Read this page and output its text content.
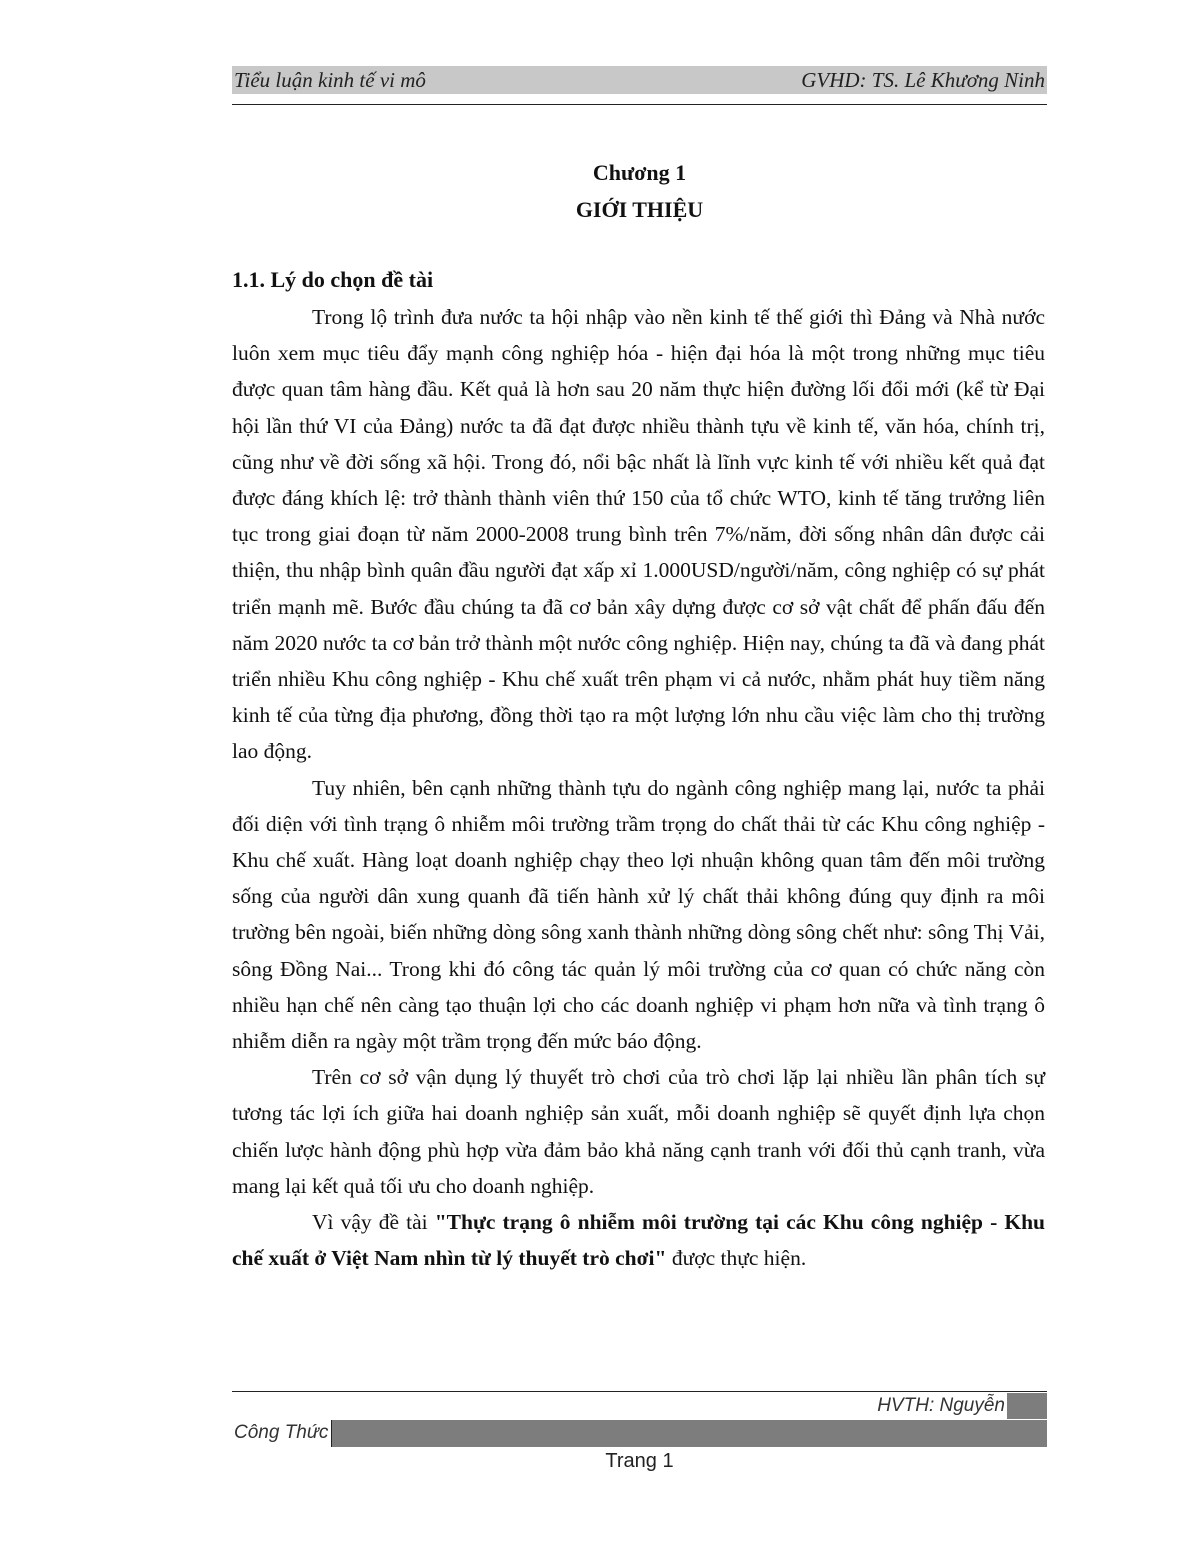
Tiểu luận kinh tế vi mô	GVHD: TS. Lê Khương Ninh
Chương 1
GIỚI THIỆU
1.1. Lý do chọn đề tài

Trong lộ trình đưa nước ta hội nhập vào nền kinh tế thế giới thì Đảng và Nhà nước luôn xem mục tiêu đẩy mạnh công nghiệp hóa - hiện đại hóa là một trong những mục tiêu được quan tâm hàng đầu. Kết quả là hơn sau 20 năm thực hiện đường lối đổi mới (kể từ Đại hội lần thứ VI của Đảng) nước ta đã đạt được nhiều thành tựu về kinh tế, văn hóa, chính trị, cũng như về đời sống xã hội. Trong đó, nổi bậc nhất là lĩnh vực kinh tế với nhiều kết quả đạt được đáng khích lệ: trở thành thành viên thứ 150 của tổ chức WTO, kinh tế tăng trưởng liên tục trong giai đoạn từ năm 2000-2008 trung bình trên 7%/năm, đời sống nhân dân được cải thiện, thu nhập bình quân đầu người đạt xấp xỉ 1.000USD/người/năm, công nghiệp có sự phát triển mạnh mẽ. Bước đầu chúng ta đã cơ bản xây dựng được cơ sở vật chất để phấn đấu đến năm 2020 nước ta cơ bản trở thành một nước công nghiệp. Hiện nay, chúng ta đã và đang phát triển nhiều Khu công nghiệp - Khu chế xuất trên phạm vi cả nước, nhằm phát huy tiềm năng kinh tế của từng địa phương, đồng thời tạo ra một lượng lớn nhu cầu việc làm cho thị trường lao động.

Tuy nhiên, bên cạnh những thành tựu do ngành công nghiệp mang lại, nước ta phải đối diện với tình trạng ô nhiễm môi trường trầm trọng do chất thải từ các Khu công nghiệp - Khu chế xuất. Hàng loạt doanh nghiệp chạy theo lợi nhuận không quan tâm đến môi trường sống của người dân xung quanh đã tiến hành xử lý chất thải không đúng quy định ra môi trường bên ngoài, biến những dòng sông xanh thành những dòng sông chết như: sông Thị Vải, sông Đồng Nai... Trong khi đó công tác quản lý môi trường của cơ quan có chức năng còn nhiều hạn chế nên càng tạo thuận lợi cho các doanh nghiệp vi phạm hơn nữa và tình trạng ô nhiễm diễn ra ngày một trầm trọng đến mức báo động.

Trên cơ sở vận dụng lý thuyết trò chơi của trò chơi lặp lại nhiều lần phân tích sự tương tác lợi ích giữa hai doanh nghiệp sản xuất, mỗi doanh nghiệp sẽ quyết định lựa chọn chiến lược hành động phù hợp vừa đảm bảo khả năng cạnh tranh với đối thủ cạnh tranh, vừa mang lại kết quả tối ưu cho doanh nghiệp.

Vì vậy đề tài "Thực trạng ô nhiễm môi trường tại các Khu công nghiệp - Khu chế xuất ở Việt Nam nhìn từ lý thuyết trò chơi" được thực hiện.

HVTH: Nguyễn
Công Thức
Trang 1
